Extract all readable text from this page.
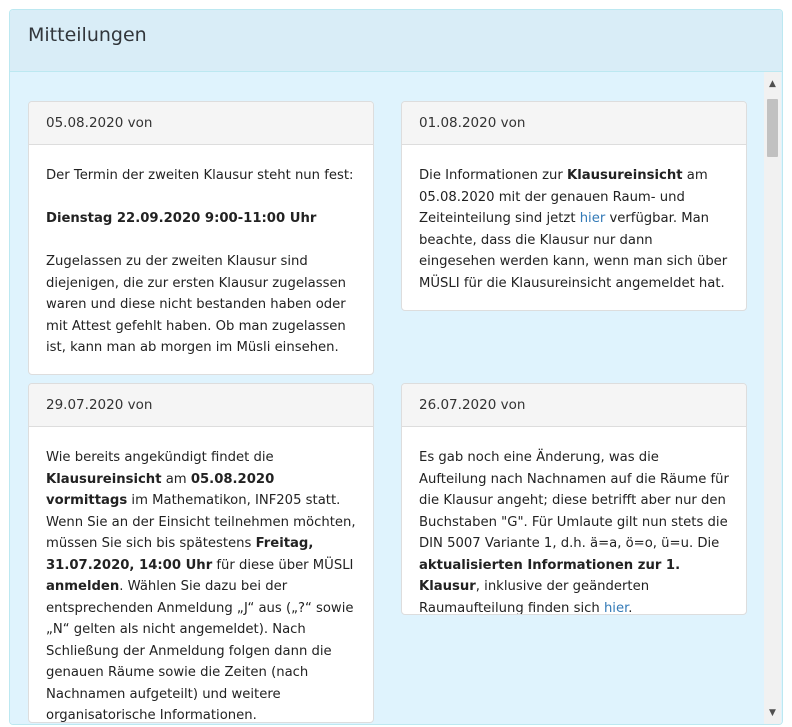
Mitteilungen
05.08.2020 von

Der Termin der zweiten Klausur steht nun fest:

Dienstag 22.09.2020 9:00-11:00 Uhr

Zugelassen zu der zweiten Klausur sind diejenigen, die zur ersten Klausur zugelassen waren und diese nicht bestanden haben oder mit Attest gefehlt haben. Ob man zugelassen ist, kann man ab morgen im Müsli einsehen.

01.08.2020 von

Die Informationen zur Klausureinsicht am 05.08.2020 mit der genauen Raum- und Zeiteinteilung sind jetzt hier verfügbar. Man beachte, dass die Klausur nur dann eingesehen werden kann, wenn man sich über MÜSLI für die Klausureinsicht angemeldet hat.

29.07.2020 von

Wie bereits angekündigt findet die Klausureinsicht am 05.08.2020 vormittags im Mathematikon, INF205 statt. Wenn Sie an der Einsicht teilnehmen möchten, müssen Sie sich bis spätestens Freitag, 31.07.2020, 14:00 Uhr für diese über MÜSLI anmelden. Wählen Sie dazu bei der entsprechenden Anmeldung „J“ aus („?“ sowie „N“ gelten als nicht angemeldet). Nach Schließung der Anmeldung folgen dann die genauen Räume sowie die Zeiten (nach Nachnamen aufgeteilt) und weitere organisatorische Informationen.

26.07.2020 von

Es gab noch eine Änderung, was die Aufteilung nach Nachnamen auf die Räume für die Klausur angeht; diese betrifft aber nur den Buchstaben "G". Für Umlaute gilt nun stets die DIN 5007 Variante 1, d.h. ä=a, ö=o, ü=u. Die aktualisierten Informationen zur 1. Klausur, inklusive der geänderten Raumaufteilung finden sich hier.

▲
▼
